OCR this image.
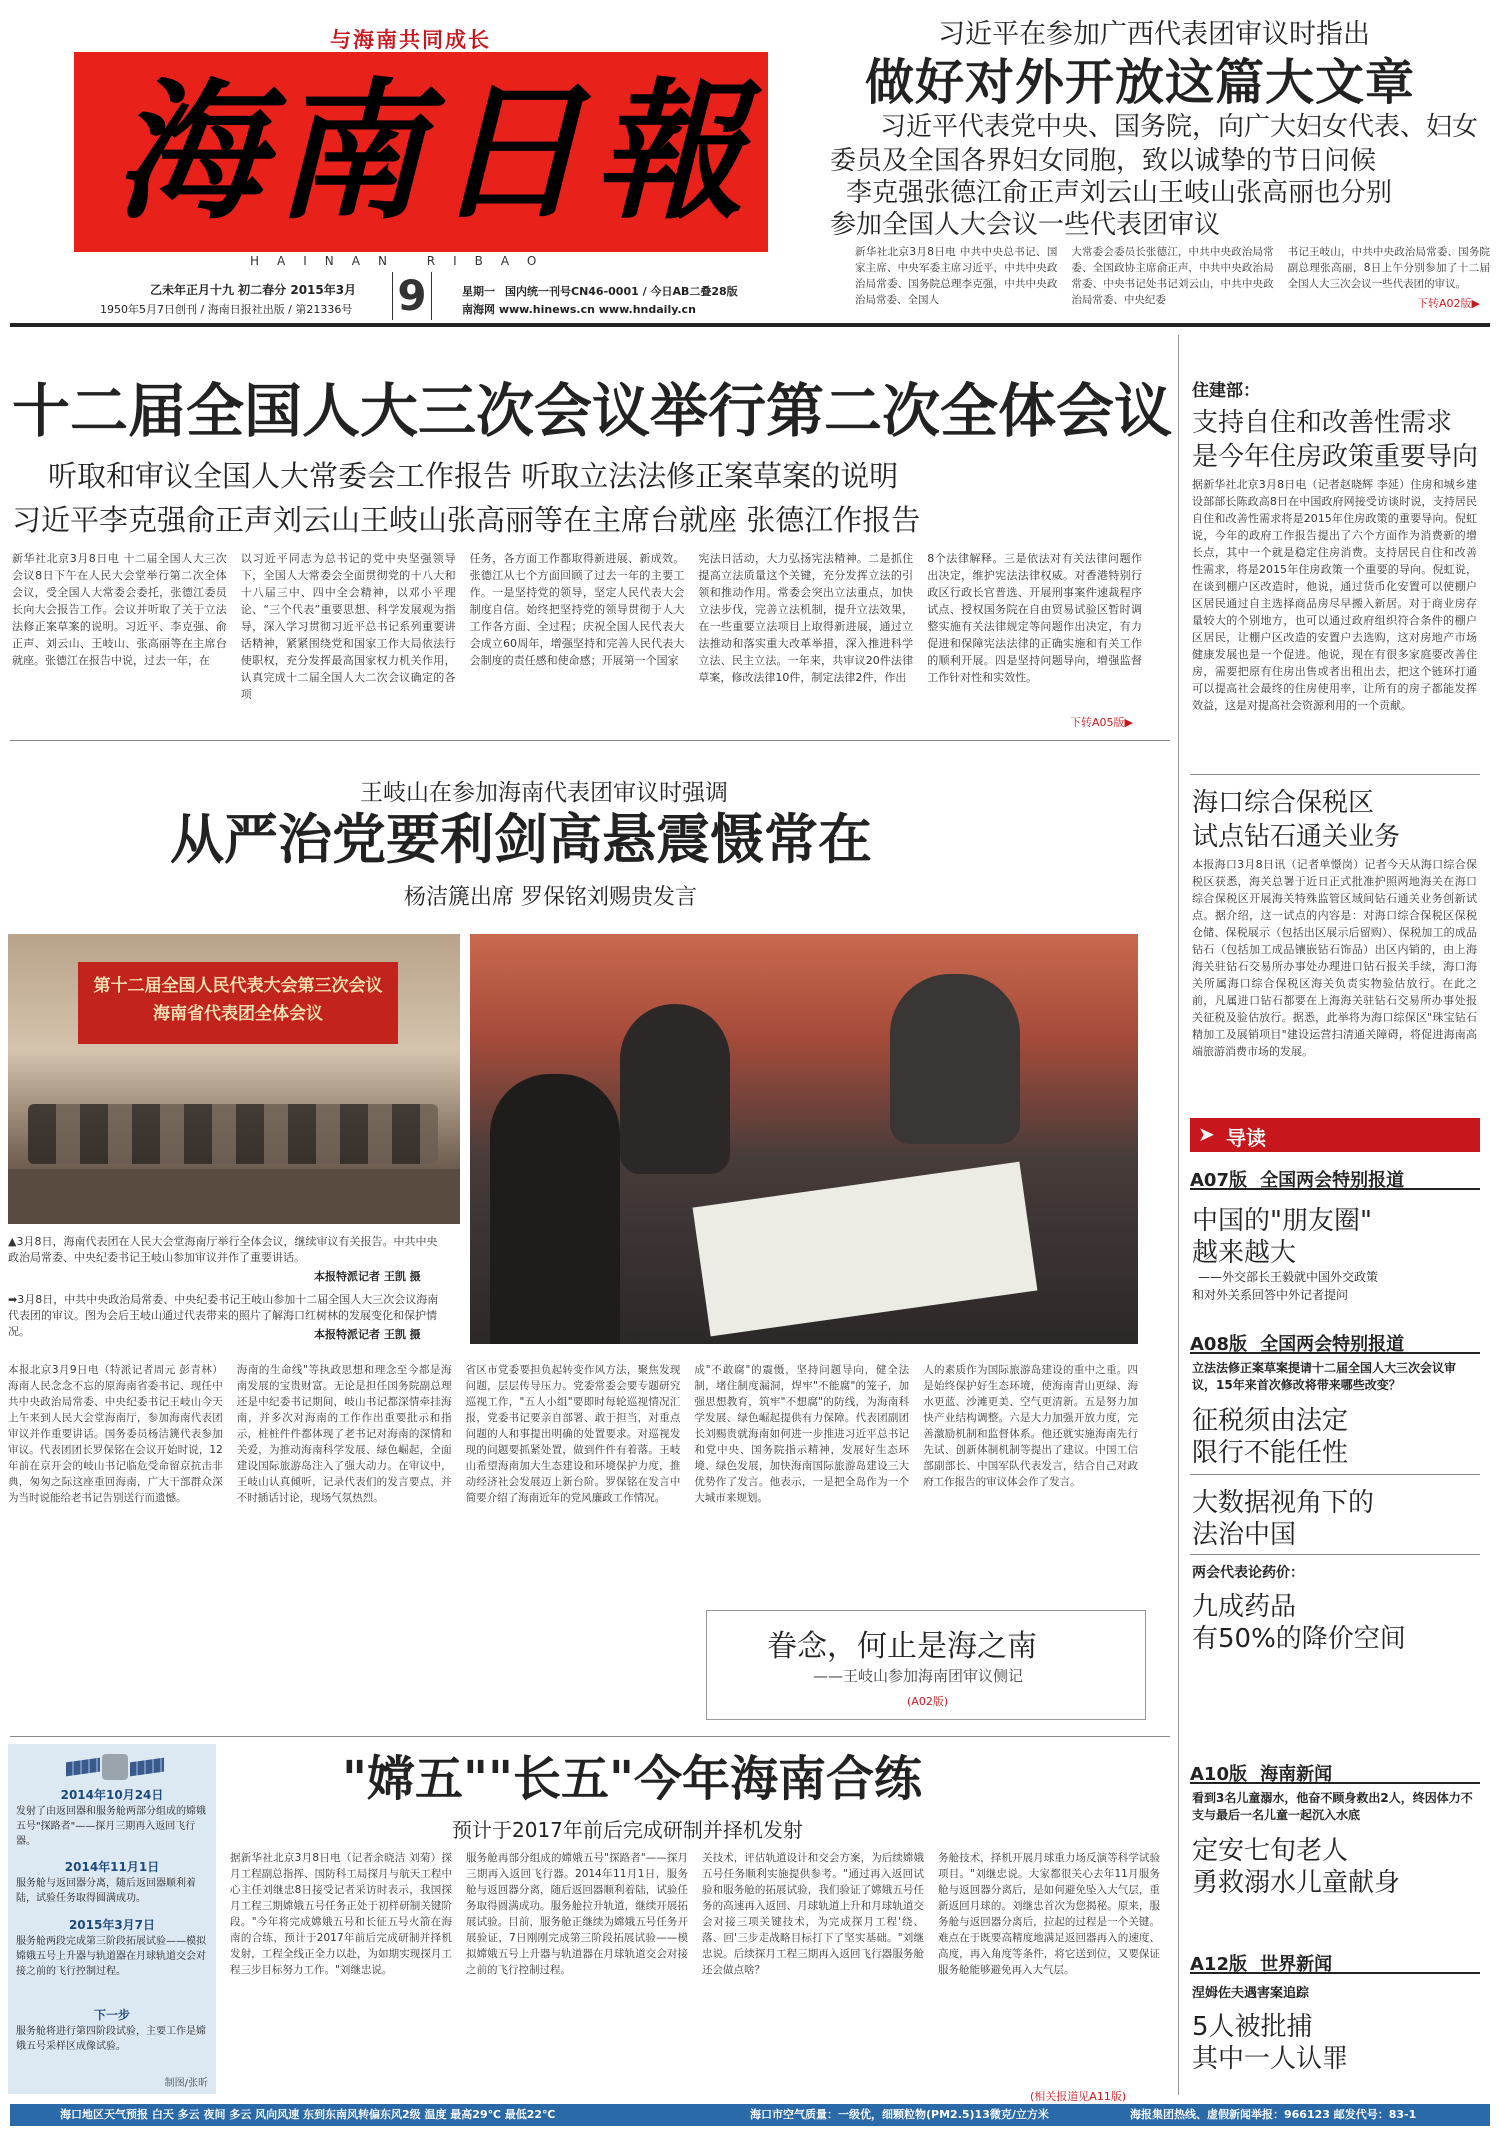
与海南共同成长
海南日報
HAINAN RIBAO
乙未年正月十九 初二春分 2015年3月
1950年5月7日创刊 / 海南日报社出版 / 第21336号 9	星期一 国内统一刊号CN46-0001 / 今日AB二叠28版
南海网 www.hinews.cn www.hndaily.cn
习近平在参加广西代表团审议时指出
做好对外开放这篇大文章
习近平代表党中央、国务院，向广大妇女代表、妇女
委员及全国各界妇女同胞，致以诚挚的节日问候
李克强张德江俞正声刘云山王岐山张高丽也分别
参加全国人大会议一些代表团审议
新华社北京3月8日电 中共中央总书记、国家主席、中央军委主席习近平，中共中央政治局常委、国务院总理李克强，中共中央政治局常委、全国人
大常委会委员长张德江，中共中央政治局常委、全国政协主席俞正声，中共中央政治局常委、中央书记处书记刘云山，中共中央政治局常委、中央纪委
书记王岐山，中共中央政治局常委、国务院副总理张高丽，8日上午分别参加了十二届全国人大三次会议一些代表团的审议。
下转A02版▶
十二届全国人大三次会议举行第二次全体会议
听取和审议全国人大常委会工作报告 听取立法法修正案草案的说明
习近平李克强俞正声刘云山王岐山张高丽等在主席台就座 张德江作报告
新华社北京3月8日电 十二届全国人大三次会议8日下午在人民大会堂举行第二次全体会议，受全国人大常委会委托，张德江委员长向大会报告工作。会议并听取了关于立法法修正案草案的说明。习近平、李克强、俞正声、刘云山、王岐山、张高丽等在主席台就座。张德江在报告中说，过去一年，在
以习近平同志为总书记的党中央坚强领导下，全国人大常委会全面贯彻党的十八大和十八届三中、四中全会精神，以邓小平理论、“三个代表”重要思想、科学发展观为指导，深入学习贯彻习近平总书记系列重要讲话精神，紧紧围绕党和国家工作大局依法行使职权，充分发挥最高国家权力机关作用，认真完成十二届全国人大二次会议确定的各项
任务，各方面工作都取得新进展、新成效。张德江从七个方面回顾了过去一年的主要工作。一是坚持党的领导，坚定人民代表大会制度自信。始终把坚持党的领导贯彻于人大工作各方面、全过程；庆祝全国人民代表大会成立60周年，增强坚持和完善人民代表大会制度的责任感和使命感；开展第一个国家
宪法日活动，大力弘扬宪法精神。二是抓住提高立法质量这个关键，充分发挥立法的引领和推动作用。常委会突出立法重点，加快立法步伐，完善立法机制，提升立法效果，在一些重要立法项目上取得新进展，通过立法推动和落实重大改革举措，深入推进科学立法、民主立法。一年来，共审议20件法律草案，修改法律10件，制定法律2件，作出
8个法律解释。三是依法对有关法律问题作出决定，维护宪法法律权威。对香港特别行政区行政长官普选、开展刑事案件速裁程序试点、授权国务院在自由贸易试验区暂时调整实施有关法律规定等问题作出决定，有力促进和保障宪法法律的正确实施和有关工作的顺利开展。四是坚持问题导向，增强监督工作针对性和实效性。
下转A05版▶
住建部：
支持自住和改善性需求
是今年住房政策重要导向
据新华社北京3月8日电（记者赵晓辉 李延）住房和城乡建设部部长陈政高8日在中国政府网接受访谈时说，支持居民自住和改善性需求将是2015年住房政策的重要导向。倪虹说，今年的政府工作报告提出了六个方面作为消费新的增长点，其中一个就是稳定住房消费。支持居民自住和改善性需求，将是2015年住房政策一个重要的导向。倪虹说，在谈到棚户区改造时，他说，通过货币化安置可以使棚户区居民通过自主选择商品房尽早搬入新居。对于商业房存量较大的个别地方，也可以通过政府组织符合条件的棚户区居民，让棚户区改造的安置户去选购，这对房地产市场健康发展也是一个促进。他说，现在有很多家庭要改善住房，需要把原有住房出售或者出租出去，把这个链环打通可以提高社会最终的住房使用率，让所有的房子都能发挥效益，这是对提高社会资源利用的一个贡献。
海口综合保税区
试点钻石通关业务
本报海口3月8日讯（记者单憬岗）记者今天从海口综合保税区获悉，海关总署于近日正式批准护照两地海关在海口综合保税区开展海关特殊监管区域间钻石通关业务创新试点。据介绍，这一试点的内容是：对海口综合保税区保税仓储、保税展示（包括出区展示后留购）、保税加工的成品钻石（包括加工成品镶嵌钻石饰品）出区内销的，由上海海关驻钻石交易所办事处办理进口钻石报关手续，海口海关所属海口综合保税区海关负责实物验估放行。在此之前，凡属进口钻石都要在上海海关驻钻石交易所办事处报关征税及验估放行。据悉，此举将为海口综保区"珠宝钻石精加工及展销项目"建设运营扫清通关障碍，将促进海南高端旅游消费市场的发展。
➤ 导读
A07版 全国两会特别报道
中国的"朋友圈"
越来越大
——外交部长王毅就中国外交政策
和对外关系回答中外记者提问
A08版 全国两会特别报道
立法法修正案草案提请十二届全国人大三次会议审议，15年来首次修改将带来哪些改变？
征税须由法定
限行不能任性
大数据视角下的
法治中国
两会代表论药价：
九成药品
有50%的降价空间
A10版 海南新闻
看到3名儿童溺水，他奋不顾身救出2人，终因体力不支与最后一名儿童一起沉入水底
定安七旬老人
勇救溺水儿童献身
A12版 世界新闻
涅姆佐夫遇害案追踪
5人被批捕
其中一人认罪
王岐山在参加海南代表团审议时强调
从严治党要利剑高悬震慑常在
杨洁篪出席 罗保铭刘赐贵发言
第十二届全国人民代表大会第三次会议
海南省代表团全体会议
▲3月8日，海南代表团在人民大会堂海南厅举行全体会议，继续审议有关报告。中共中央政治局常委、中央纪委书记王岐山参加审议并作了重要讲话。
本报特派记者 王凯 摄
➡3月8日，中共中央政治局常委、中央纪委书记王岐山参加十二届全国人大三次会议海南代表团的审议。图为会后王岐山通过代表带来的照片了解海口红树林的发展变化和保护情况。	本报特派记者 王凯 摄
本报北京3月9日电（特派记者周元 彭青林）海南人民念念不忘的原海南省委书记、现任中共中央政治局常委、中央纪委书记王岐山今天上午来到人民大会堂海南厅，参加海南代表团审议并作重要讲话。国务委员杨洁篪代表参加审议。代表团团长罗保铭在会议开始时说，12年前在京开会的岐山书记临危受命留京抗击非典，匆匆之际这座重回海南，广大干部群众深为当时说能给老书记告别送行而遗憾。
海南的生命线"等执政思想和理念至今都是海南发展的宝贵财富。无论是担任国务院副总理还是中纪委书记期间，岐山书记都深情牵挂海南，并多次对海南的工作作出重要批示和指示，桩桩件件都体现了老书记对海南的深情和关爱，为推动海南科学发展、绿色崛起，全面建设国际旅游岛注入了强大动力。在审议中，王岐山认真倾听，记录代表们的发言要点，并不时插话讨论，现场气氛热烈。
省区市党委要担负起转变作风方法，聚焦发现问题，层层传导压力。党委常委会要专题研究巡视工作，"五人小组"要即时每轮巡视情况汇报，党委书记要亲自部署、敢于担当，对重点问题的人和事提出明确的处置要求。对巡视发现的问题要抓紧处置，做到件件有着落。王岐山希望海南加大生态建设和环境保护力度，推动经济社会发展迈上新台阶。罗保铭在发言中简要介绍了海南近年的党风廉政工作情况。
成"不敢腐"的震慑，坚持问题导向，健全法制，堵住制度漏洞，焊牢"不能腐"的笼子，加强思想教育，筑牢"不想腐"的防线，为海南科学发展、绿色崛起提供有力保障。代表团副团长刘赐贵就海南如何进一步推进习近平总书记和党中央、国务院指示精神，发展好生态环境、绿色发展，加快海南国际旅游岛建设三大优势作了发言。他表示，一是把全岛作为一个大城市来规划。
人的素质作为国际旅游岛建设的重中之重。四是始终保护好生态环境，使海南青山更绿、海水更蓝、沙滩更美、空气更清新。五是努力加快产业结构调整。六是大力加强开放力度，完善激励机制和监督体系。他还就实施海南先行先试、创新体制机制等提出了建议。中国工信部副部长、中国军队代表发言，结合自己对政府工作报告的审议体会作了发言。
眷念，何止是海之南
——王岐山参加海南团审议侧记
(A02版)
2014年10月24日
发射了由返回器和服务舱两部分组成的嫦娥五号"探路者"——探月三期再入返回飞行器。
2014年11月1日
服务舱与返回器分离，随后返回器顺利着陆，试验任务取得圆满成功。
2015年3月7日
服务舱两段完成第三阶段拓展试验——模拟嫦娥五号上升器与轨道器在月球轨道交会对接之前的飞行控制过程。
下一步
服务舱将进行第四阶段试验，主要工作是嫦娥五号采样区成像试验。
制图/张昕
"嫦五""长五"今年海南合练
预计于2017年前后完成研制并择机发射
据新华社北京3月8日电（记者余晓洁 刘菊）探月工程副总指挥、国防科工局探月与航天工程中心主任刘继忠8日接受记者采访时表示，我国探月工程三期嫦娥五号任务正处于初样研制关键阶段。"今年将完成嫦娥五号和长征五号火箭在海南的合练，预计于2017年前后完成研制并择机发射，工程全线正全力以赴，为如期实现探月工程三步目标努力工作。"刘继忠说。
服务舱再部分组成的嫦娥五号"探路者"——探月三期再入返回飞行器。2014年11月1日，服务舱与返回器分离，随后返回器顺利着陆，试验任务取得圆满成功。服务舱拉升轨道，继续开展拓展试验。目前，服务舱正继续为嫦娥五号任务开展验证，7日刚刚完成第三阶段拓展试验——模拟嫦娥五号上升器与轨道器在月球轨道交会对接之前的飞行控制过程。
关技术，评估轨道设计和交会方案，为后续嫦娥五号任务顺利实施提供参考。"通过再入返回试验和服务舱的拓展试验，我们验证了嫦娥五号任务的高速再入返回、月球轨道上升和月球轨道交会对接三项关键技术，为完成探月工程'绕、落、回'三步走战略目标打下了坚实基础。"刘继忠说。后续探月工程三期再入返回飞行器服务舱还会做点啥？
务舱技术，择机开展月球重力场反演等科学试验项目。"刘继忠说。大家都很关心去年11月服务舱与返回器分离后，是如何避免坠入大气层，重新返回月球的。刘继忠首次为您揭秘。原来，服务舱与返回器分离后，拉起的过程是一个关键。难点在于既要高精度地满足返回器再入的速度、高度，再入角度等条件，将它送到位，又要保证服务舱能够避免再入大气层。
(相关报道见A11版)
海口地区天气预报 白天 多云 夜间 多云 风向风速 东到东南风转偏东风2级 温度 最高29℃ 最低22℃	海口市空气质量：一级优，细颗粒物(PM2.5)13微克/立方米	海报集团热线、虚假新闻举报：966123 邮发代号：83-1
